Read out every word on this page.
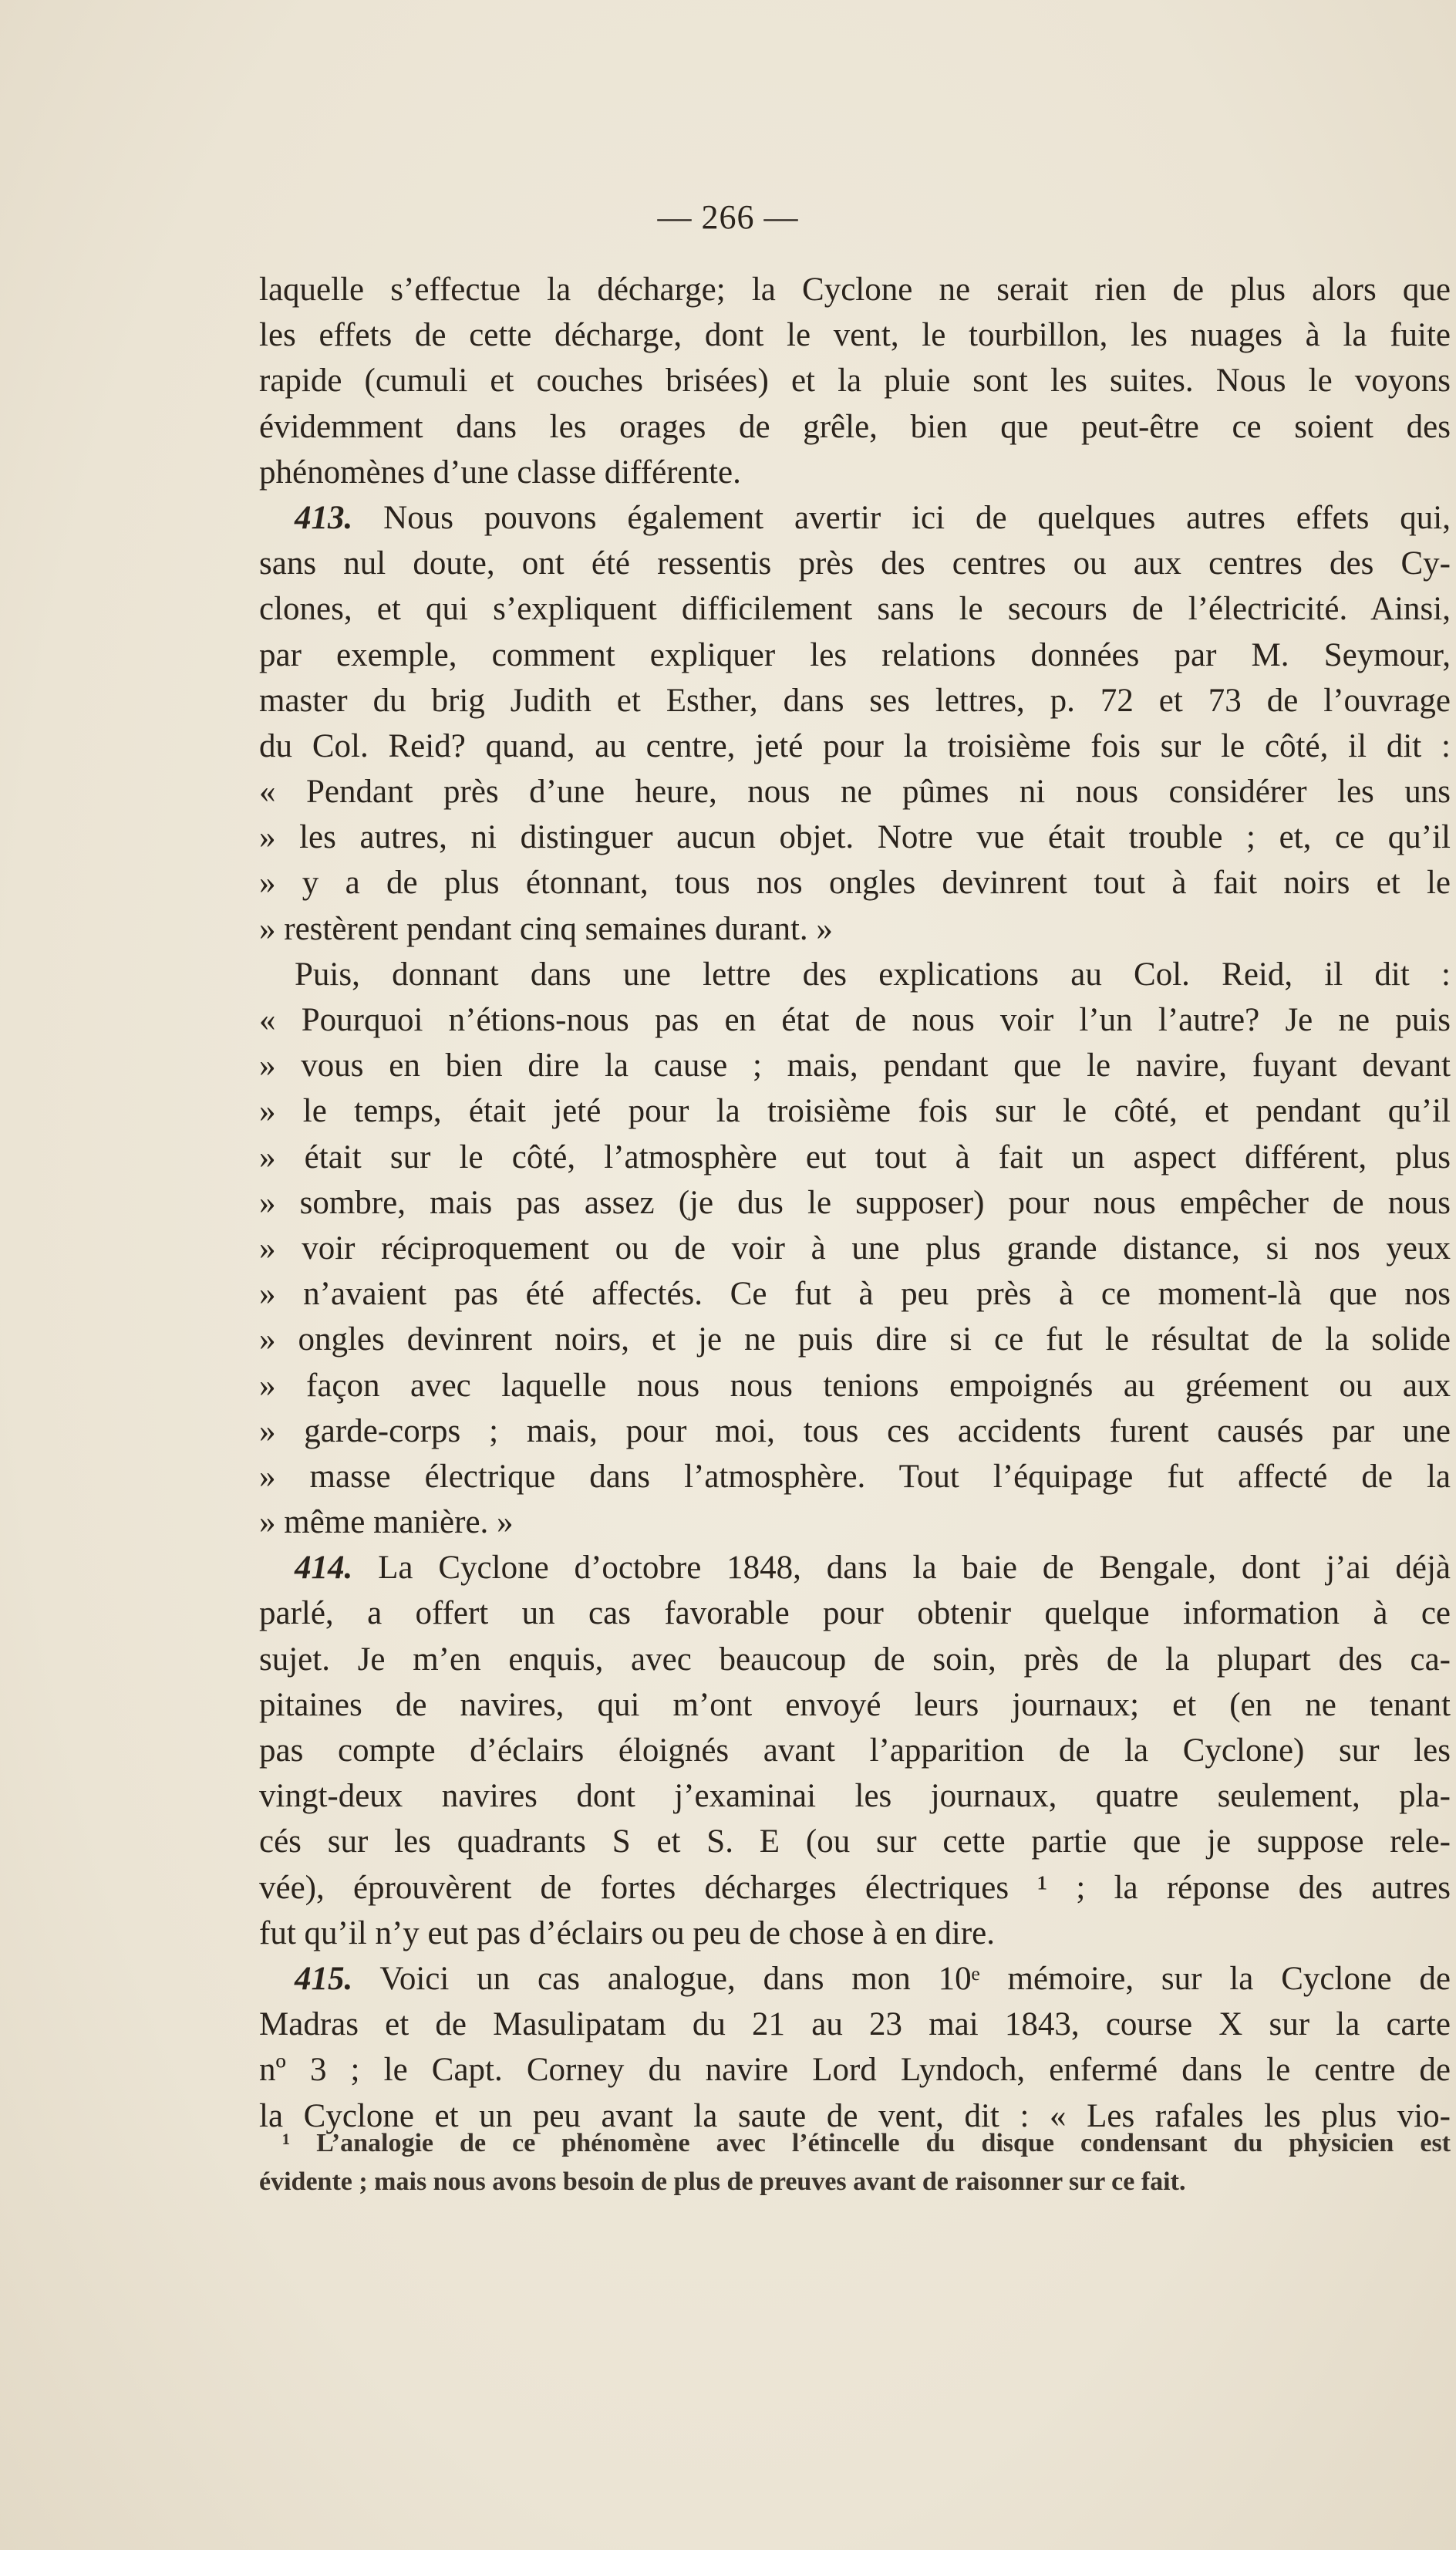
— 266 —
laquelle s’effectue la décharge; la Cyclone ne serait rien de plus alors que
les effets de cette décharge, dont le vent, le tourbillon, les nuages à la fuite
rapide (cumuli et couches brisées) et la pluie sont les suites. Nous le voyons
évidemment dans les orages de grêle, bien que peut-être ce soient des
phénomènes d’une classe différente.
413. Nous pouvons également avertir ici de quelques autres effets qui,
sans nul doute, ont été ressentis près des centres ou aux centres des Cy-
clones, et qui s’expliquent difficilement sans le secours de l’électricité. Ainsi,
par exemple, comment expliquer les relations données par M. Seymour,
master du brig Judith et Esther, dans ses lettres, p. 72 et 73 de l’ouvrage
du Col. Reid? quand, au centre, jeté pour la troisième fois sur le côté, il dit :
« Pendant près d’une heure, nous ne pûmes ni nous considérer les uns
» les autres, ni distinguer aucun objet. Notre vue était trouble ; et, ce qu’il
» y a de plus étonnant, tous nos ongles devinrent tout à fait noirs et le
» restèrent pendant cinq semaines durant. »
Puis, donnant dans une lettre des explications au Col. Reid, il dit :
« Pourquoi n’étions-nous pas en état de nous voir l’un l’autre? Je ne puis
» vous en bien dire la cause ; mais, pendant que le navire, fuyant devant
» le temps, était jeté pour la troisième fois sur le côté, et pendant qu’il
» était sur le côté, l’atmosphère eut tout à fait un aspect différent, plus
» sombre, mais pas assez (je dus le supposer) pour nous empêcher de nous
» voir réciproquement ou de voir à une plus grande distance, si nos yeux
» n’avaient pas été affectés. Ce fut à peu près à ce moment-là que nos
» ongles devinrent noirs, et je ne puis dire si ce fut le résultat de la solide
» façon avec laquelle nous nous tenions empoignés au gréement ou aux
» garde-corps ; mais, pour moi, tous ces accidents furent causés par une
» masse électrique dans l’atmosphère. Tout l’équipage fut affecté de la
» même manière. »
414. La Cyclone d’octobre 1848, dans la baie de Bengale, dont j’ai déjà
parlé, a offert un cas favorable pour obtenir quelque information à ce
sujet. Je m’en enquis, avec beaucoup de soin, près de la plupart des ca-
pitaines de navires, qui m’ont envoyé leurs journaux; et (en ne tenant
pas compte d’éclairs éloignés avant l’apparition de la Cyclone) sur les
vingt-deux navires dont j’examinai les journaux, quatre seulement, pla-
cés sur les quadrants S et S. E (ou sur cette partie que je suppose rele-
vée), éprouvèrent de fortes décharges électriques ¹ ; la réponse des autres
fut qu’il n’y eut pas d’éclairs ou peu de chose à en dire.
415. Voici un cas analogue, dans mon 10ᵉ mémoire, sur la Cyclone de
Madras et de Masulipatam du 21 au 23 mai 1843, course X sur la carte
nº 3 ; le Capt. Corney du navire Lord Lyndoch, enfermé dans le centre de
la Cyclone et un peu avant la saute de vent, dit : « Les rafales les plus vio-
¹ L’analogie de ce phénomène avec l’étincelle du disque condensant du physicien est
évidente ; mais nous avons besoin de plus de preuves avant de raisonner sur ce fait.
